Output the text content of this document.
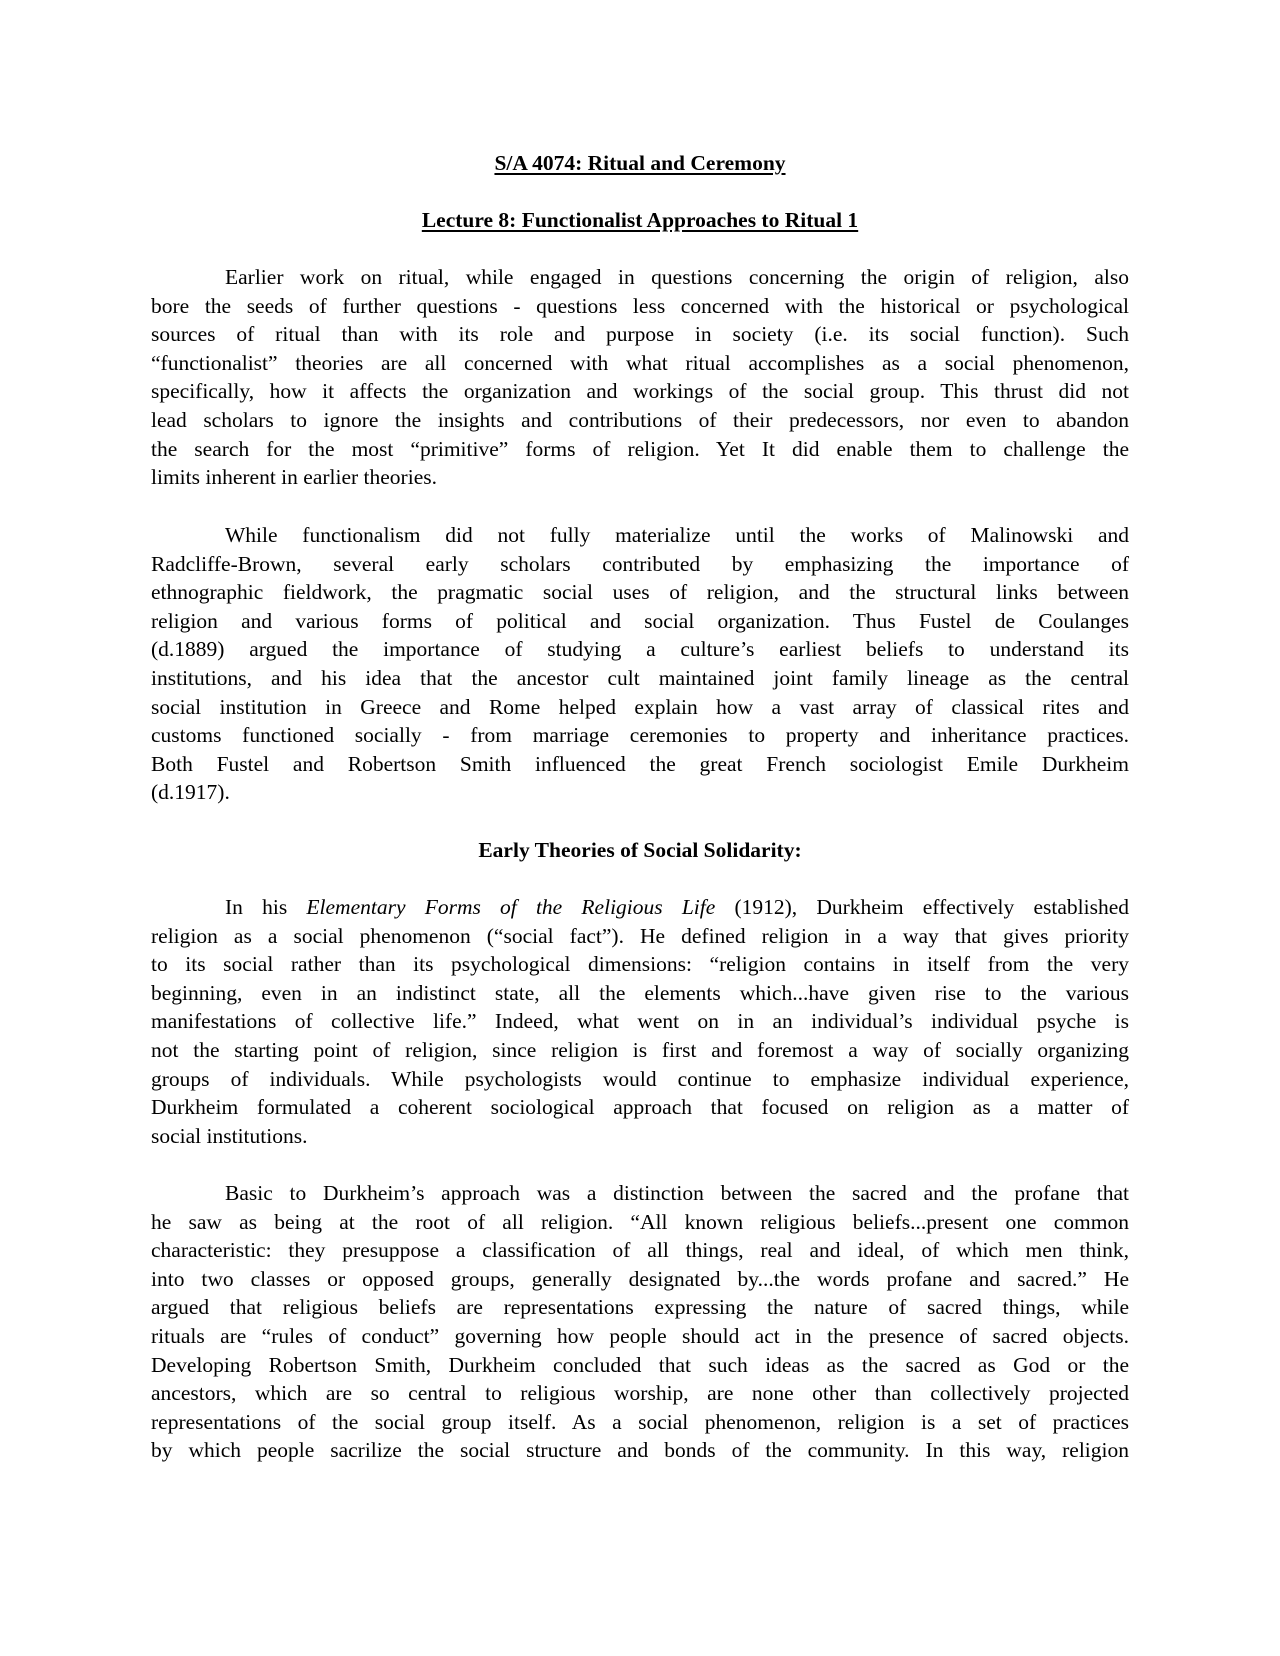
S/A 4074: Ritual and Ceremony
Lecture 8: Functionalist Approaches to Ritual 1
Earlier work on ritual, while engaged in questions concerning the origin of religion, also
bore the seeds of further questions - questions less concerned with the historical or psychological
sources of ritual than with its role and purpose in society (i.e. its social function). Such
“functionalist” theories are all concerned with what ritual accomplishes as a social phenomenon,
specifically, how it affects the organization and workings of the social group. This thrust did not
lead scholars to ignore the insights and contributions of their predecessors, nor even to abandon
the search for the most “primitive” forms of religion. Yet It did enable them to challenge the
limits inherent in earlier theories.
While functionalism did not fully materialize until the works of Malinowski and
Radcliffe-Brown, several early scholars contributed by emphasizing the importance of
ethnographic fieldwork, the pragmatic social uses of religion, and the structural links between
religion and various forms of political and social organization. Thus Fustel de Coulanges
(d.1889) argued the importance of studying a culture’s earliest beliefs to understand its
institutions, and his idea that the ancestor cult maintained joint family lineage as the central
social institution in Greece and Rome helped explain how a vast array of classical rites and
customs functioned socially - from marriage ceremonies to property and inheritance practices.
Both Fustel and Robertson Smith influenced the great French sociologist Emile Durkheim
(d.1917).
Early Theories of Social Solidarity:
In his Elementary Forms of the Religious Life (1912), Durkheim effectively established
religion as a social phenomenon (“social fact”). He defined religion in a way that gives priority
to its social rather than its psychological dimensions: “religion contains in itself from the very
beginning, even in an indistinct state, all the elements which...have given rise to the various
manifestations of collective life.” Indeed, what went on in an individual’s individual psyche is
not the starting point of religion, since religion is first and foremost a way of socially organizing
groups of individuals. While psychologists would continue to emphasize individual experience,
Durkheim formulated a coherent sociological approach that focused on religion as a matter of
social institutions.
Basic to Durkheim’s approach was a distinction between the sacred and the profane that
he saw as being at the root of all religion. “All known religious beliefs...present one common
characteristic: they presuppose a classification of all things, real and ideal, of which men think,
into two classes or opposed groups, generally designated by...the words profane and sacred.” He
argued that religious beliefs are representations expressing the nature of sacred things, while
rituals are “rules of conduct” governing how people should act in the presence of sacred objects.
Developing Robertson Smith, Durkheim concluded that such ideas as the sacred as God or the
ancestors, which are so central to religious worship, are none other than collectively projected
representations of the social group itself. As a social phenomenon, religion is a set of practices
by which people sacrilize the social structure and bonds of the community. In this way, religion
